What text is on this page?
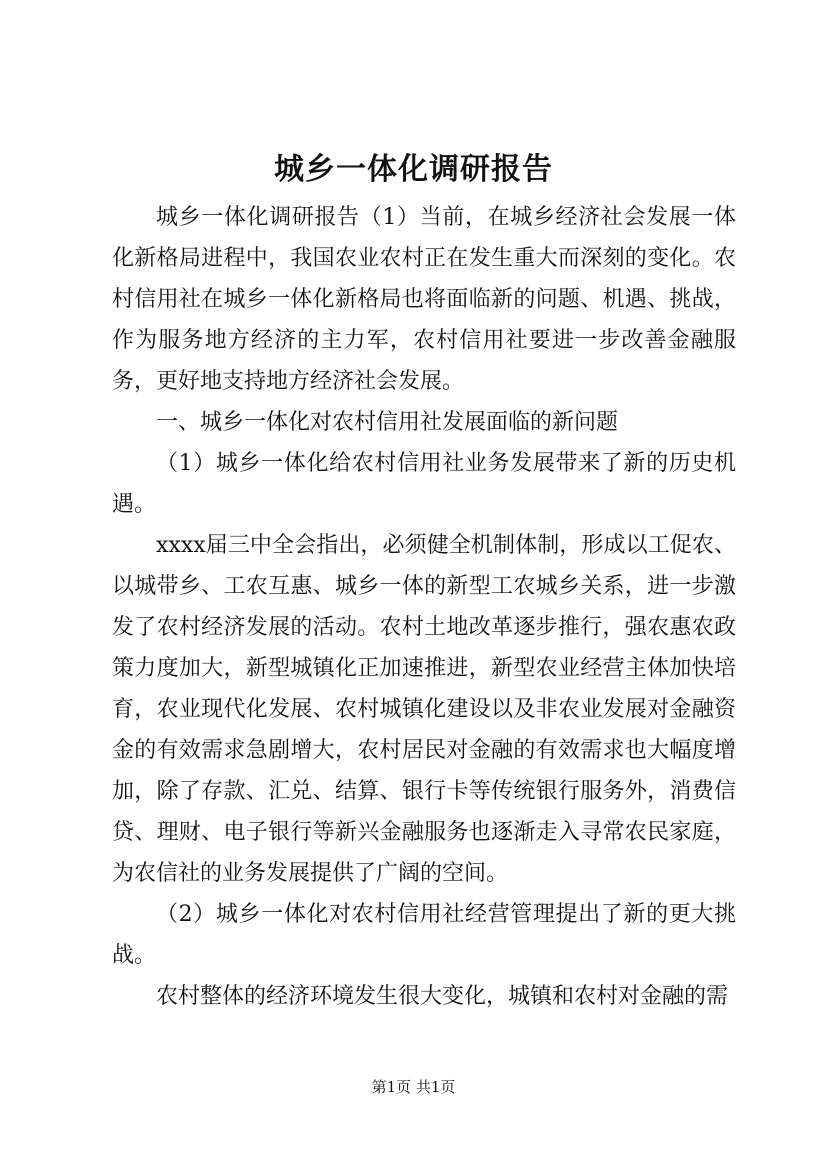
城乡一体化调研报告

城乡一体化调研报告（1）当前，在城乡经济社会发展一体化新格局进程中，我国农业农村正在发生重大而深刻的变化。农村信用社在城乡一体化新格局也将面临新的问题、机遇、挑战，作为服务地方经济的主力军，农村信用社要进一步改善金融服务，更好地支持地方经济社会发展。

一、城乡一体化对农村信用社发展面临的新问题

（1）城乡一体化给农村信用社业务发展带来了新的历史机遇。

xxxx届三中全会指出，必须健全机制体制，形成以工促农、以城带乡、工农互惠、城乡一体的新型工农城乡关系，进一步激发了农村经济发展的活动。农村土地改革逐步推行，强农惠农政策力度加大，新型城镇化正加速推进，新型农业经营主体加快培育，农业现代化发展、农村城镇化建设以及非农业发展对金融资金的有效需求急剧增大，农村居民对金融的有效需求也大幅度增加，除了存款、汇兑、结算、银行卡等传统银行服务外，消费信贷、理财、电子银行等新兴金融服务也逐渐走入寻常农民家庭，为农信社的业务发展提供了广阔的空间。

（2）城乡一体化对农村信用社经营管理提出了新的更大挑战。

农村整体的经济环境发生很大变化，城镇和农村对金融的需

第1页 共1页
